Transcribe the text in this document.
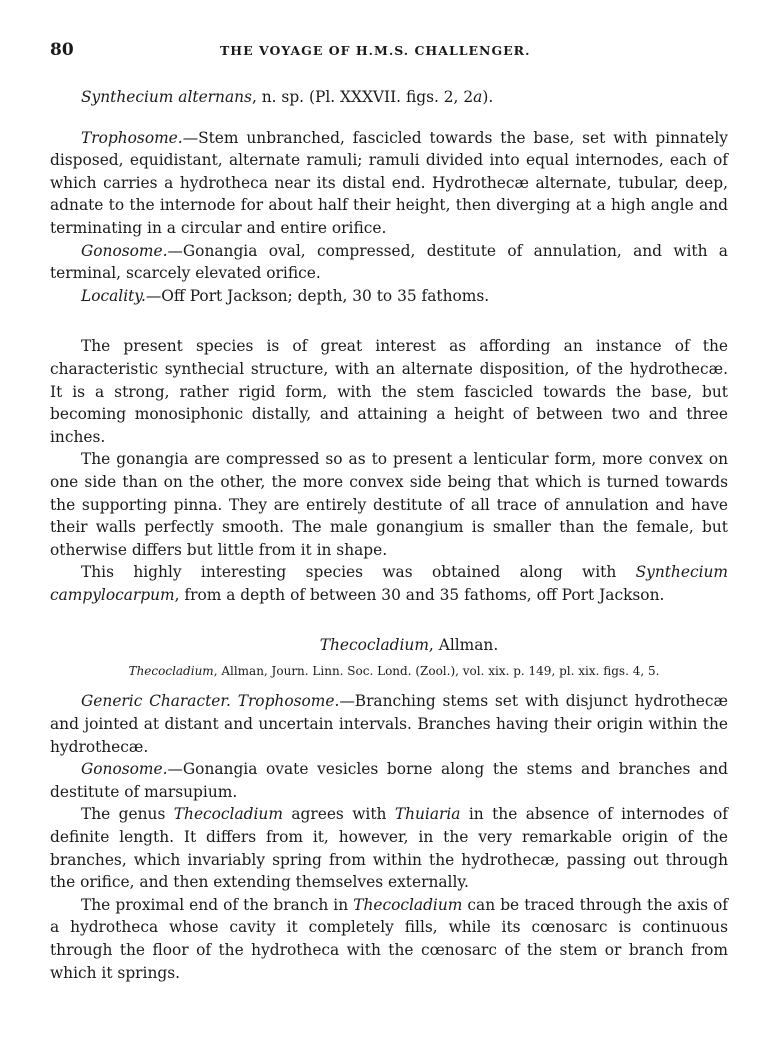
80	THE VOYAGE OF H.M.S. CHALLENGER.

Synthecium alternans, n. sp. (Pl. XXXVII. figs. 2, 2a).

Trophosome.—Stem unbranched, fascicled towards the base, set with pinnately disposed, equidistant, alternate ramuli; ramuli divided into equal internodes, each of which carries a hydrotheca near its distal end. Hydrothecæ alternate, tubular, deep, adnate to the internode for about half their height, then diverging at a high angle and terminating in a circular and entire orifice.

Gonosome.—Gonangia oval, compressed, destitute of annulation, and with a terminal, scarcely elevated orifice.

Locality.—Off Port Jackson; depth, 30 to 35 fathoms.

The present species is of great interest as affording an instance of the characteristic synthecial structure, with an alternate disposition, of the hydrothecæ. It is a strong, rather rigid form, with the stem fascicled towards the base, but becoming monosiphonic distally, and attaining a height of between two and three inches.

The gonangia are compressed so as to present a lenticular form, more convex on one side than on the other, the more convex side being that which is turned towards the supporting pinna. They are entirely destitute of all trace of annulation and have their walls perfectly smooth. The male gonangium is smaller than the female, but otherwise differs but little from it in shape.

This highly interesting species was obtained along with Synthecium campylocarpum, from a depth of between 30 and 35 fathoms, off Port Jackson.

Thecocladium, Allman.

Thecocladium, Allman, Journ. Linn. Soc. Lond. (Zool.), vol. xix. p. 149, pl. xix. figs. 4, 5.

Generic Character. Trophosome.—Branching stems set with disjunct hydrothecæ and jointed at distant and uncertain intervals. Branches having their origin within the hydrothecæ.

Gonosome.—Gonangia ovate vesicles borne along the stems and branches and destitute of marsupium.

The genus Thecocladium agrees with Thuiaria in the absence of internodes of definite length. It differs from it, however, in the very remarkable origin of the branches, which invariably spring from within the hydrothecæ, passing out through the orifice, and then extending themselves externally.

The proximal end of the branch in Thecocladium can be traced through the axis of a hydrotheca whose cavity it completely fills, while its cœnosarc is continuous through the floor of the hydrotheca with the cœnosarc of the stem or branch from which it springs.
